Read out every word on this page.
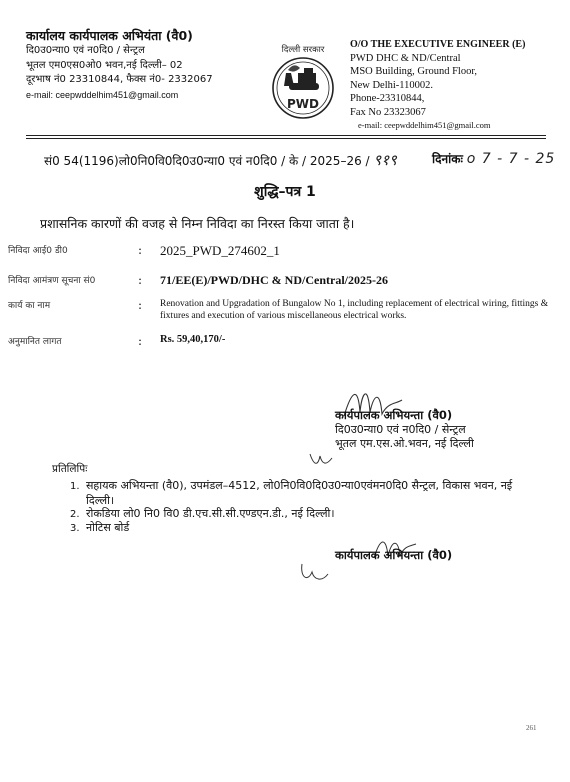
कार्यालय कार्यपालक अभियंता (वै0)
दि0उ0न्या0 एवं न0दि0 / सेन्ट्रल
भूतल एम0एस0ओ0 भवन,नई दिल्ली– 02
दूरभाष नं0 23310844, फैक्स नं0- 2332067
e-mail: ceepwddelhim451@gmail.com
दिल्ली सरकार
PWD
O/O THE EXECUTIVE ENGINEER (E)
PWD DHC & ND/Central
MSO Building, Ground Floor,
New Delhi-110002.
Phone-23310844,
Fax No 23323067
e-mail: ceepwddelhim451@gmail.com
सं0 54(1196)लो0नि0वि0दि0उ0न्या0 एवं न0दि0 / के / 2025–26 / ९१९	दिनांकः o 7 - 7 - 25
शुद्धि–पत्र 1
प्रशासनिक कारणों की वजह से निम्न निविदा का निरस्त किया जाता है।
निविदा आई0 डी0	: 2025_PWD_274602_1
निविदा आमंत्रण सूचना सं0	: 71/EE(E)/PWD/DHC & ND/Central/2025-26
कार्य का नाम	: Renovation and Upgradation of Bungalow No 1, including replacement of electrical wiring, fittings & fixtures and execution of various miscellaneous electrical works.
अनुमानित लागत	: Rs. 59,40,170/-
कार्यपालक अभियन्ता (वै0)
दि0उ0न्या0 एवं न0दि0 / सेन्ट्रल
भूतल एम.एस.ओ.भवन, नई दिल्ली
प्रतिलिपिः
1. सहायक अभियन्ता (वै0), उपमंडल–4512, लो0नि0वि0दि0उ0न्या0एवंमन0दि0 सैन्ट्रल, विकास भवन, नई दिल्ली।
2. रोकडिया लो0 नि0 वि0 डी.एच.सी.सी.एण्डएन.डी., नई दिल्ली।
3. नोटिस बोर्ड
कार्यपालक अभियन्ता (वै0)
261
